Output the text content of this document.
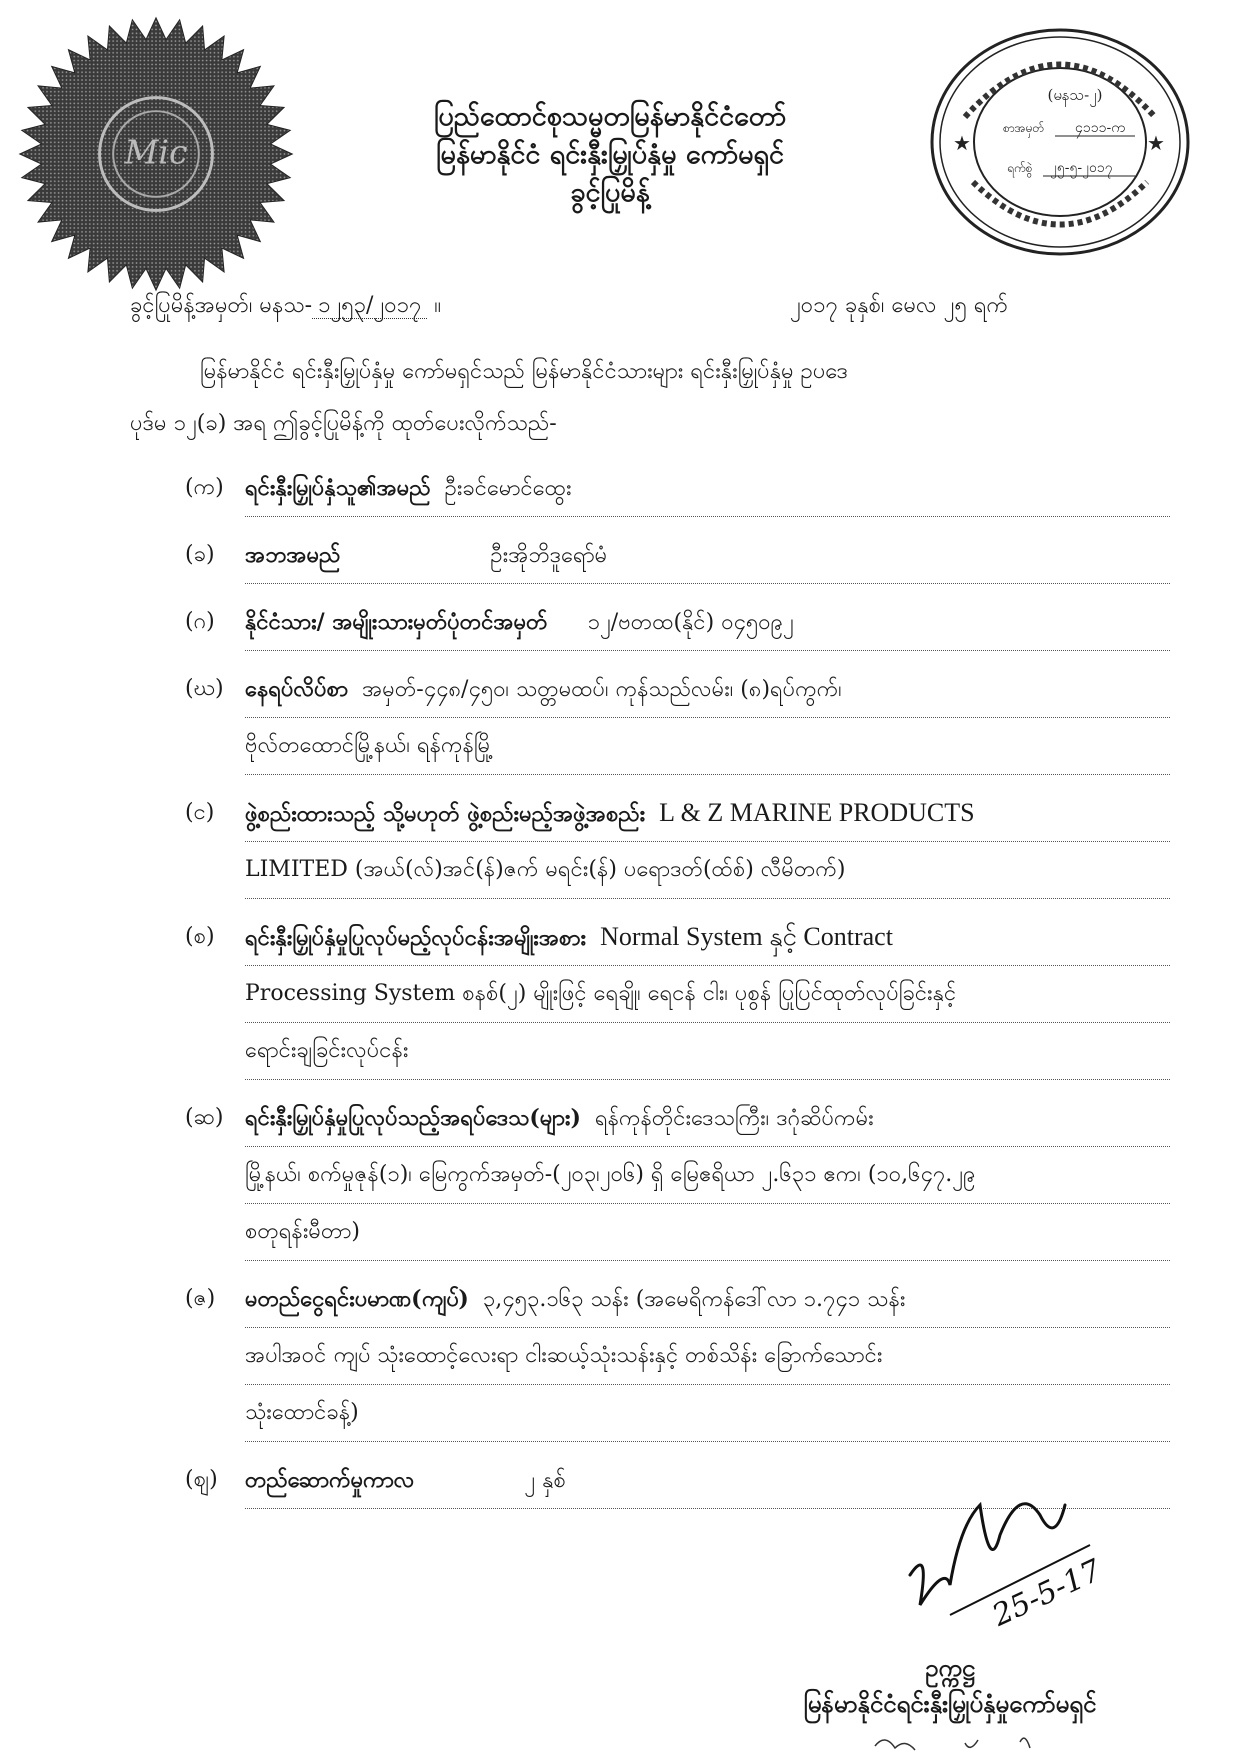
Mic	★	★
(မနသ-၂)
စာအမှတ် ၄၁၁၁-က
ရက်စွဲ ၂၅-၅-၂၀၁၇
ပြည်ထောင်စုသမ္မတမြန်မာနိုင်ငံတော်
မြန်မာနိုင်ငံ ရင်းနှီးမြှုပ်နှံမှု ကော်မရှင်
ခွင့်ပြုမိန့်
ခွင့်ပြုမိန့်အမှတ်၊ မနသ- ၁၂၅၃/၂၀၁၇ ။	၂၀၁၇ ခုနှစ်၊ မေလ ၂၅ ရက်
မြန်မာနိုင်ငံ ရင်းနှီးမြှုပ်နှံမှု ကော်မရှင်သည် မြန်မာနိုင်ငံသားများ ရင်းနှီးမြှုပ်နှံမှု ဥပဒေ
ပုဒ်မ ၁၂(ခ) အရ ဤခွင့်ပြုမိန့်ကို ထုတ်ပေးလိုက်သည်-
(က) ရင်းနှီးမြှုပ်နှံသူ၏အမည် ဦးခင်မောင်ထွေး
(ခ)	အဘအမည်	ဦးအိုဘိဒူရော်မံ
(ဂ)	နိုင်ငံသား/ အမျိုးသားမှတ်ပုံတင်အမှတ် ၁၂/ဗတထ(နိုင်) ဝ၄၅ဝ၉၂
(ဃ) နေရပ်လိပ်စာ အမှတ်-၄၄၈/၄၅ဝ၊ သတ္တမထပ်၊ ကုန်သည်လမ်း၊ (၈)ရပ်ကွက်၊
ဗိုလ်တထောင်မြို့နယ်၊ ရန်ကုန်မြို့
(င)	ဖွဲ့စည်းထားသည့် သို့မဟုတ် ဖွဲ့စည်းမည့်အဖွဲ့အစည်း L & Z MARINE PRODUCTS
LIMITED (အယ်(လ်)အင်(န်)ဇက် မရင်း(န်) ပရောဒတ်(ထ်စ်) လီမိတက်)
(စ)	ရင်းနှီးမြှုပ်နှံမှုပြုလုပ်မည့်လုပ်ငန်းအမျိုးအစား Normal System နှင့် Contract
Processing System စနစ်(၂) မျိုးဖြင့် ရေချို၊ ရေငန် ငါး၊ ပုစွန် ပြုပြင်ထုတ်လုပ်ခြင်းနှင့်
ရောင်းချခြင်းလုပ်ငန်း
(ဆ) ရင်းနှီးမြှုပ်နှံမှုပြုလုပ်သည့်အရပ်ဒေသ(များ) ရန်ကုန်တိုင်းဒေသကြီး၊ ဒဂုံဆိပ်ကမ်း
မြို့နယ်၊ စက်မှုဇုန်(၁)၊ မြေကွက်အမှတ်-(၂၀၃၊၂၀၆) ရှိ မြေဧရိယာ ၂.၆၃၁ ဧက၊ (၁၀,၆၄၇.၂၉
စတုရန်းမီတာ)
(ဇ)	မတည်ငွေရင်းပမာဏ(ကျပ်) ၃,၄၅၃.၁၆၃ သန်း (အမေရိကန်ဒေါ်လာ ၁.၇၄၁ သန်း
အပါအဝင် ကျပ် သုံးထောင့်လေးရာ ငါးဆယ့်သုံးသန်းနှင့် တစ်သိန်း ခြောက်သောင်း
သုံးထောင်ခန့်)
(ဈ)	တည်ဆောက်မှုကာလ	၂ နှစ်
25-5-17
ဥက္ကဋ္ဌ
မြန်မာနိုင်ငံရင်းနှီးမြှုပ်နှံမှုကော်မရှင်
